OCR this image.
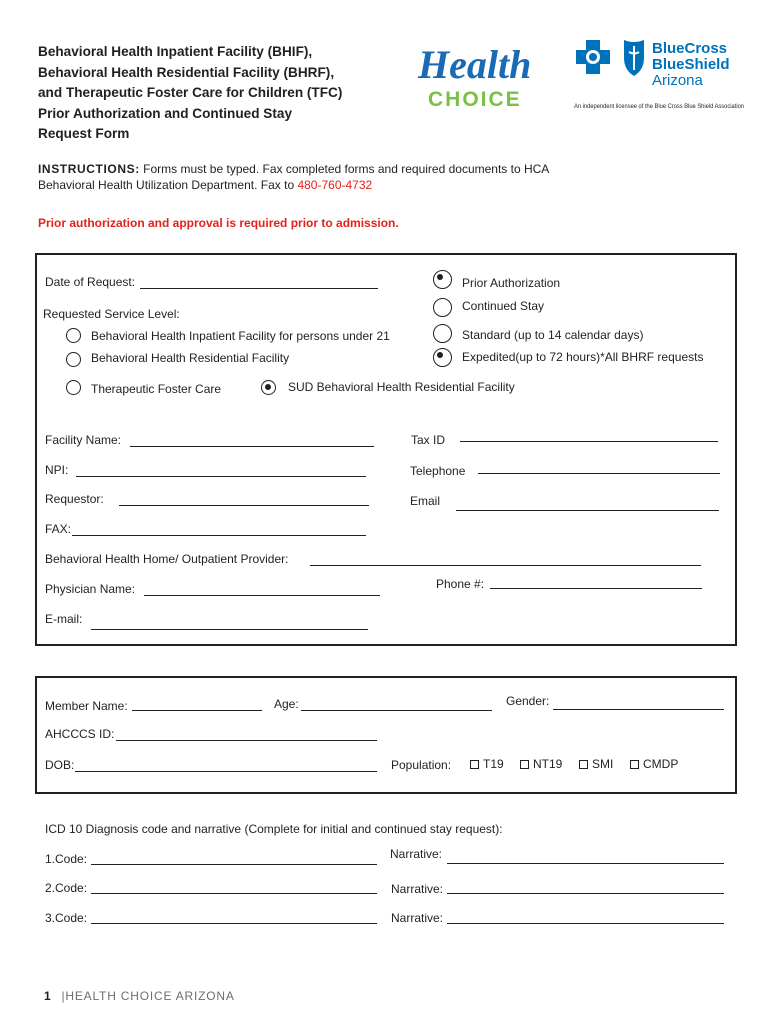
Behavioral Health Inpatient Facility (BHIF),
Behavioral Health Residential Facility (BHRF),
and Therapeutic Foster Care for Children (TFC)
Prior Authorization and Continued Stay
Request Form
Health
CHOICE
BlueCross
BlueShield
Arizona
An independent licensee of the Blue Cross Blue Shield Association
INSTRUCTIONS: Forms must be typed. Fax completed forms and required documents to HCA
Behavioral Health Utilization Department. Fax to 480-760-4732
Prior authorization and approval is required prior to admission.
Date of Request:
Requested Service Level:
Behavioral Health Inpatient Facility for persons under 21
Behavioral Health Residential Facility
Therapeutic Foster Care	SUD Behavioral Health Residential Facility
Prior Authorization
Continued Stay
Standard (up to 14 calendar days)
Expedited(up to 72 hours)*All BHRF requests
Facility Name:	Tax ID
NPI:	Telephone
Requestor:	Email
FAX:
Behavioral Health Home/ Outpatient Provider:
Physician Name:	Phone #:
E-mail:
Member Name:	Age:	Gender:
AHCCCS ID:
DOB:	Population:	T19 NT19 SMI CMDP
ICD 10 Diagnosis code and narrative (Complete for initial and continued stay request):
1.Code:	Narrative:
2.Code:	Narrative:
3.Code:	Narrative:
1 |HEALTH CHOICE ARIZONA
